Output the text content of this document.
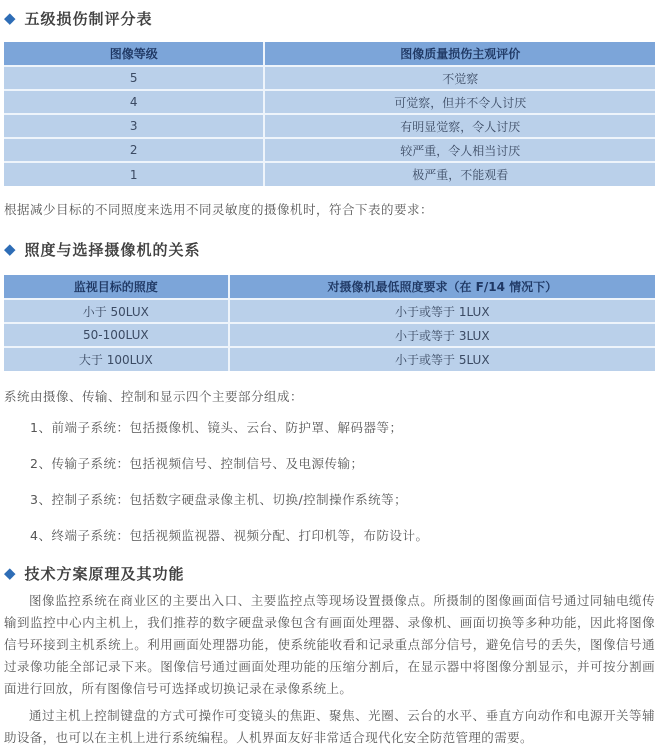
◆ 五级损伤制评分表
图像等级	图像质量损伤主观评价
5	不觉察
4	可觉察，但并不令人讨厌
3	有明显觉察，令人讨厌
2	较严重，令人相当讨厌
1	极严重，不能观看

根据减少目标的不同照度来选用不同灵敏度的摄像机时，符合下表的要求：

◆ 照度与选择摄像机的关系
监视目标的照度	对摄像机最低照度要求（在 F/14 情况下）
小于 50LUX	小于或等于 1LUX
50-100LUX	小于或等于 3LUX
大于 100LUX	小于或等于 5LUX

系统由摄像、传输、控制和显示四个主要部分组成：

1、前端子系统：包括摄像机、镜头、云台、防护罩、解码器等；
2、传输子系统：包括视频信号、控制信号、及电源传输；
3、控制子系统：包括数字硬盘录像主机、切换/控制操作系统等；
4、终端子系统：包括视频监视器、视频分配、打印机等，布防设计。
◆ 技术方案原理及其功能

图像监控系统在商业区的主要出入口、主要监控点等现场设置摄像点。所摄制的图像画面信号通过同轴电缆传输到监控中心内主机上，我们推荐的数字硬盘录像包含有画面处理器、录像机、画面切换等多种功能，因此将图像信号环接到主机系统上。利用画面处理器功能，使系统能收看和记录重点部分信号，避免信号的丢失，图像信号通过录像功能全部记录下来。图像信号通过画面处理功能的压缩分割后，在显示器中将图像分割显示，并可按分割画面进行回放，所有图像信号可选择或切换记录在录像系统上。

通过主机上控制键盘的方式可操作可变镜头的焦距、聚焦、光圈、云台的水平、垂直方向动作和电源开关等辅助设备，也可以在主机上进行系统编程。人机界面友好非常适合现代化安全防范管理的需要。
